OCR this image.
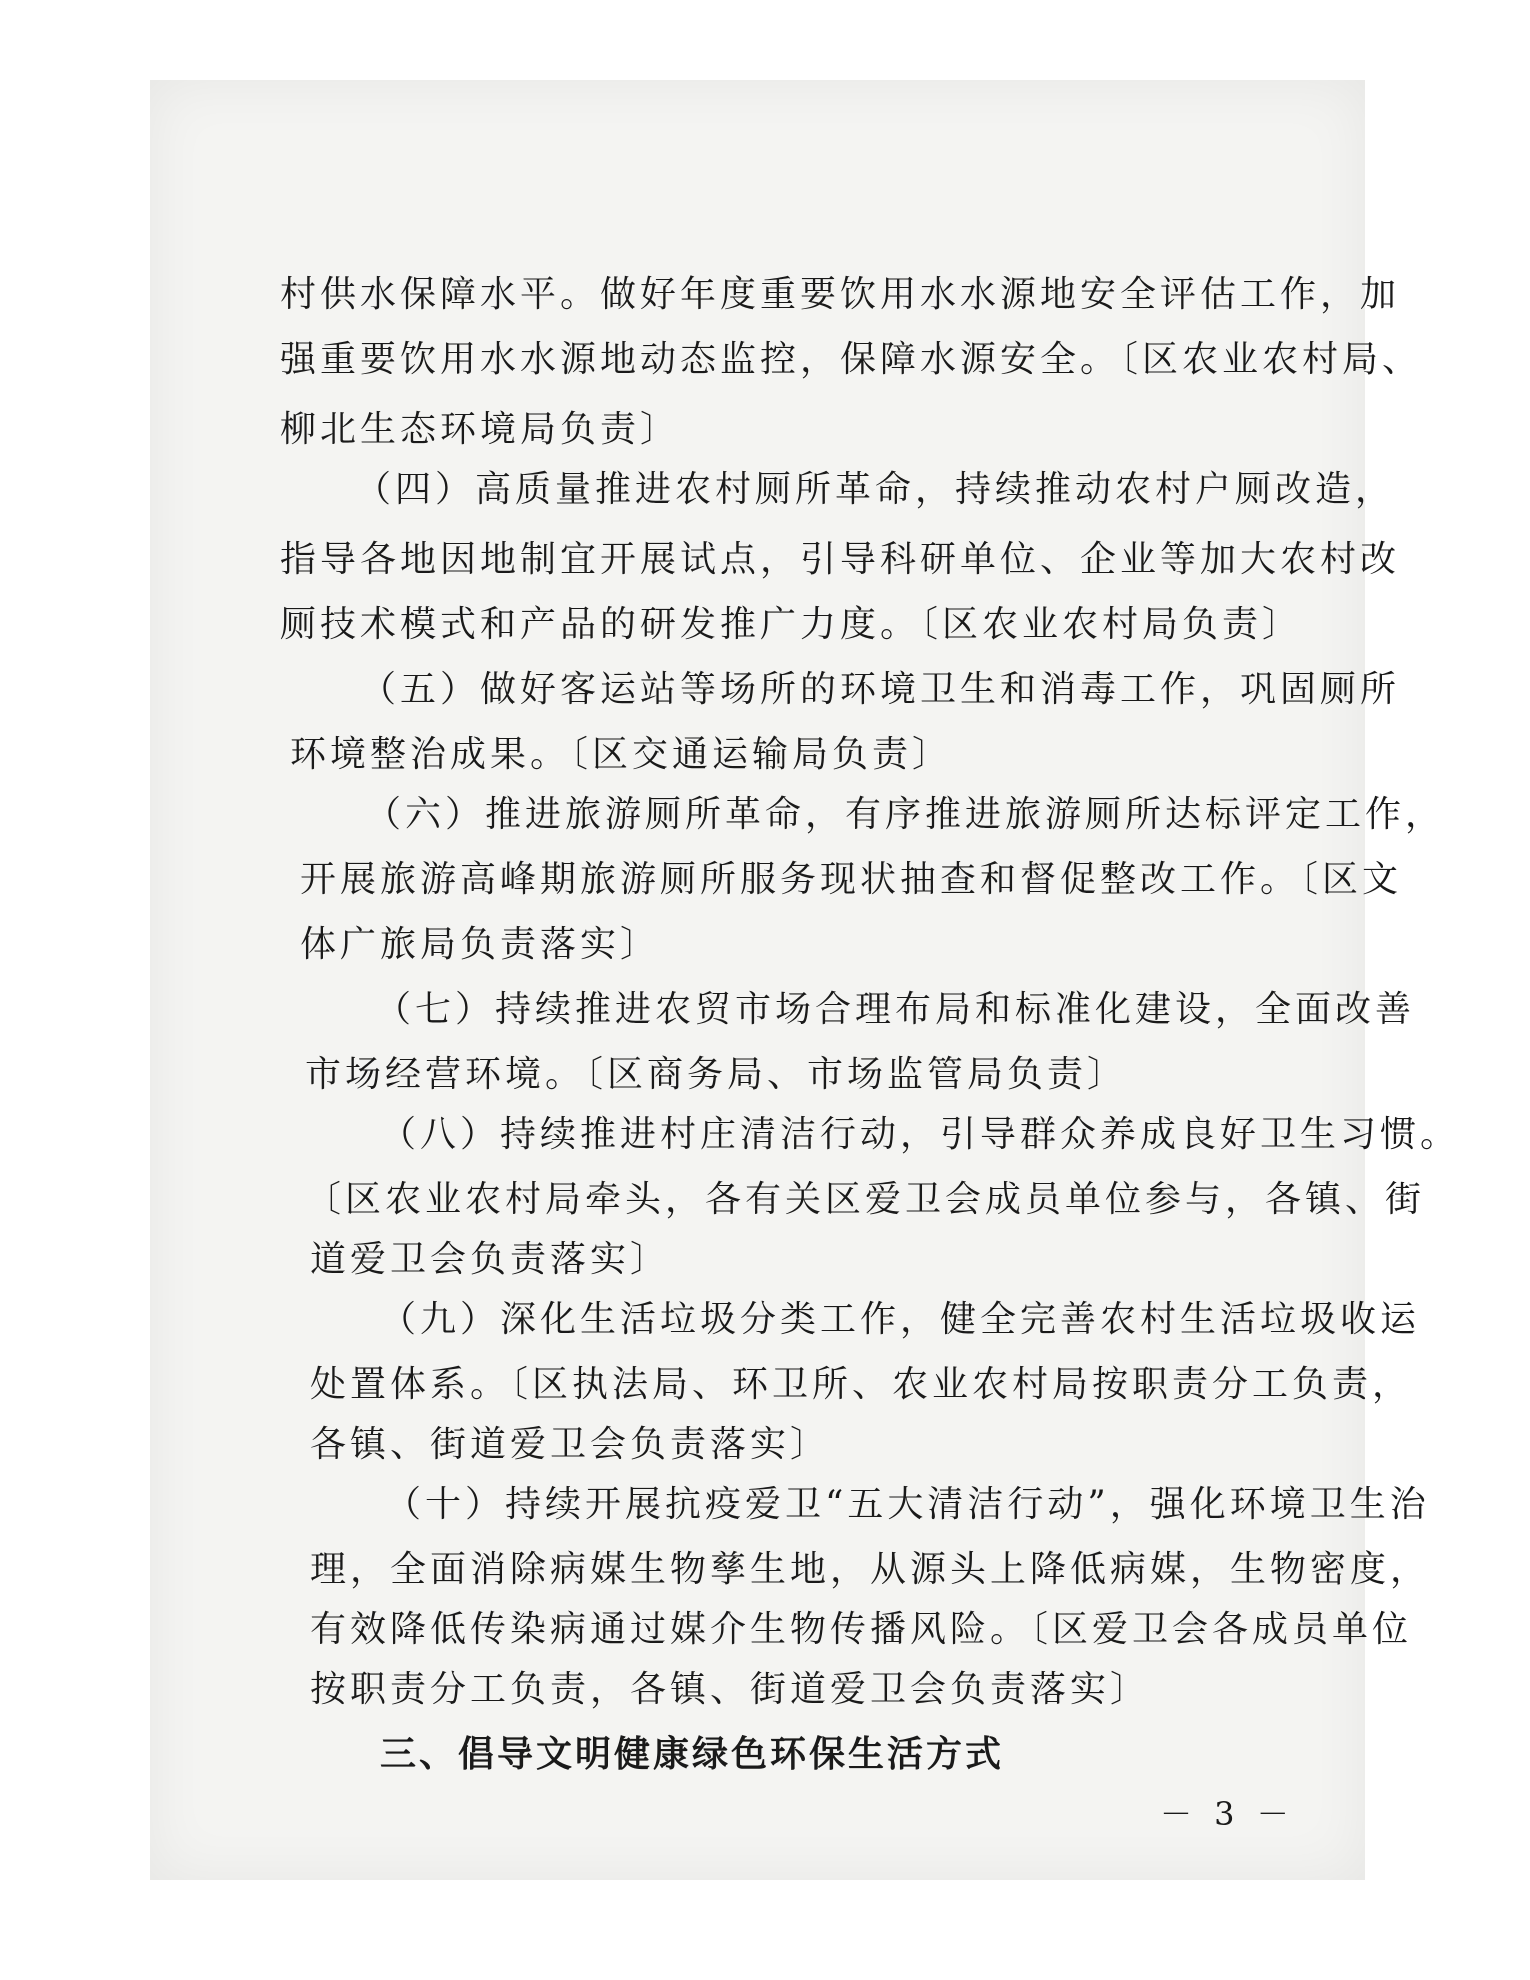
村供水保障水平。做好年度重要饮用水水源地安全评估工作，加
强重要饮用水水源地动态监控，保障水源安全。〔区农业农村局、
柳北生态环境局负责〕
（四）高质量推进农村厕所革命，持续推动农村户厕改造，
指导各地因地制宜开展试点，引导科研单位、企业等加大农村改
厕技术模式和产品的研发推广力度。〔区农业农村局负责〕
（五）做好客运站等场所的环境卫生和消毒工作，巩固厕所
环境整治成果。〔区交通运输局负责〕
（六）推进旅游厕所革命，有序推进旅游厕所达标评定工作，
开展旅游高峰期旅游厕所服务现状抽查和督促整改工作。〔区文
体广旅局负责落实〕
（七）持续推进农贸市场合理布局和标准化建设，全面改善
市场经营环境。〔区商务局、市场监管局负责〕
（八）持续推进村庄清洁行动，引导群众养成良好卫生习惯。
〔区农业农村局牵头，各有关区爱卫会成员单位参与，各镇、街
道爱卫会负责落实〕
（九）深化生活垃圾分类工作，健全完善农村生活垃圾收运
处置体系。〔区执法局、环卫所、农业农村局按职责分工负责，
各镇、街道爱卫会负责落实〕
（十）持续开展抗疫爱卫“五大清洁行动”，强化环境卫生治
理，全面消除病媒生物孳生地，从源头上降低病媒，生物密度，
有效降低传染病通过媒介生物传播风险。〔区爱卫会各成员单位
按职责分工负责，各镇、街道爱卫会负责落实〕
三、倡导文明健康绿色环保生活方式
－ 3 －
